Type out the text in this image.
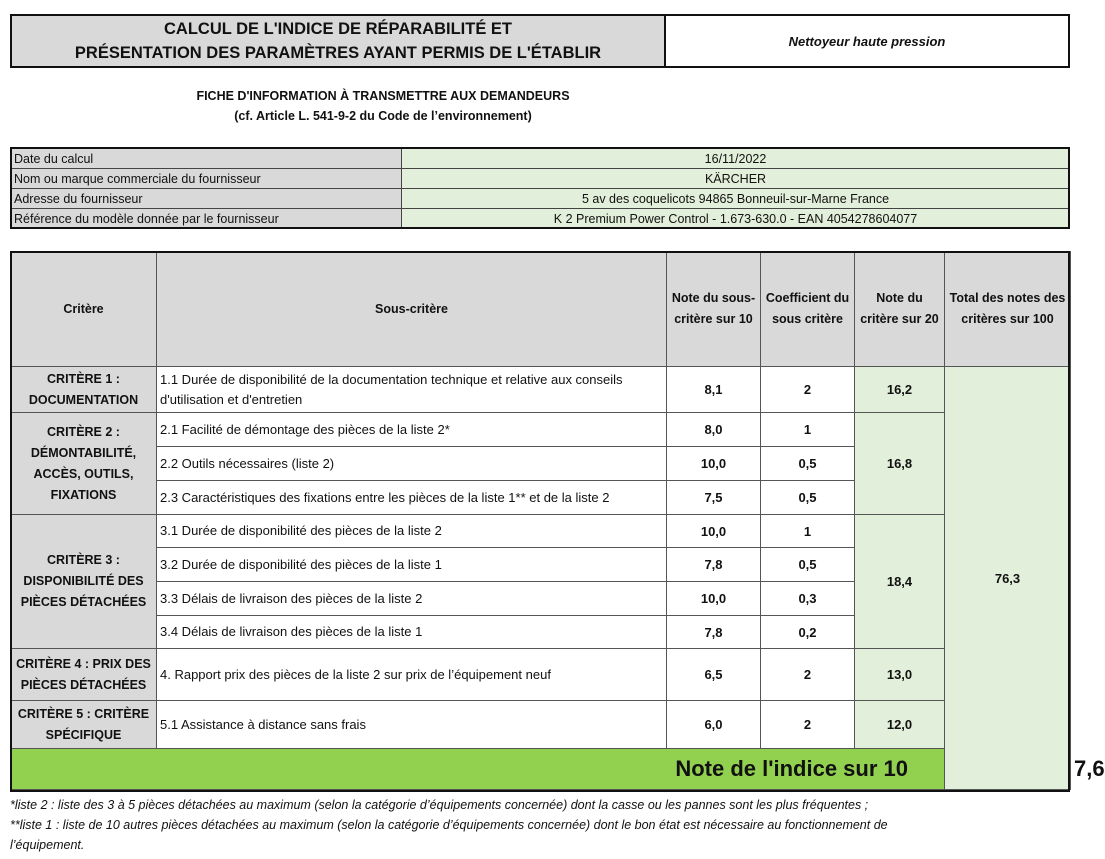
CALCUL DE L'INDICE DE RÉPARABILITÉ ET
PRÉSENTATION DES PARAMÈTRES AYANT PERMIS DE L'ÉTABLIR
Nettoyeur haute pression
FICHE D'INFORMATION À TRANSMETTRE AUX DEMANDEURS
(cf. Article L. 541-9-2 du Code de l’environnement)
Date du calcul	16/11/2022
Nom ou marque commerciale du fournisseur	KÄRCHER
Adresse du fournisseur	5 av des coquelicots 94865 Bonneuil-sur-Marne France
Référence du modèle donnée par le fournisseur	K 2 Premium Power Control - 1.673-630.0 - EAN 4054278604077
Critère	Sous-critère	Note du sous-critère sur 10	Coefficient du sous critère	Note du critère sur 20	Total des notes des critères sur 100	
CRITÈRE 1 : DOCUMENTATION	1.1 Durée de disponibilité de la documentation technique et relative aux conseils d'utilisation et d'entretien	8,1	2	16,2	76,3	
CRITÈRE 2 : DÉMONTABILITÉ, ACCÈS, OUTILS, FIXATIONS	2.1 Facilité de démontage des pièces de la liste 2*	8,0	1	16,8		
	2.2 Outils nécessaires (liste 2)	10,0	0,5			
	2.3 Caractéristiques des fixations entre les pièces de la liste 1** et de la liste 2	7,5	0,5			
CRITÈRE 3 : DISPONIBILITÉ DES PIÈCES DÉTACHÉES	3.1 Durée de disponibilité des pièces de la liste 2	10,0	1	18,4		
	3.2 Durée de disponibilité des pièces de la liste 1	7,8	0,5			
	3.3 Délais de livraison des pièces de la liste 2	10,0	0,3			
	3.4 Délais de livraison des pièces de la liste 1	7,8	0,2			
CRITÈRE 4 : PRIX DES PIÈCES DÉTACHÉES	4. Rapport prix des pièces de la liste 2 sur prix de l’équipement neuf	6,5	2	13,0		
CRITÈRE 5 : CRITÈRE SPÉCIFIQUE	5.1 Assistance à distance sans frais	6,0	2	12,0		
Note de l'indice sur 10						7,6
*liste 2 : liste des 3 à 5 pièces détachées au maximum (selon la catégorie d’équipements concernée) dont la casse ou les pannes sont les plus fréquentes ;
**liste 1 : liste de 10 autres pièces détachées au maximum (selon la catégorie d’équipements concernée) dont le bon état est nécessaire au fonctionnement de
l’équipement.
